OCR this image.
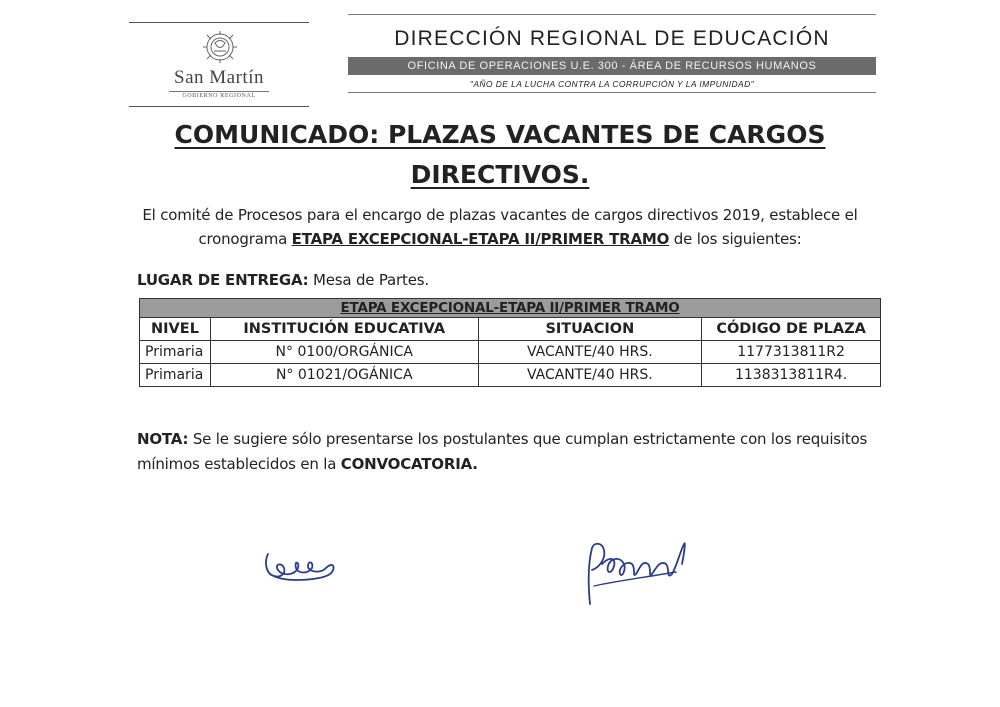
San Martín
GOBIERNO REGIONAL
DIRECCIÓN REGIONAL DE EDUCACIÓN
OFICINA DE OPERACIONES U.E. 300 - ÁREA DE RECURSOS HUMANOS
"AÑO DE LA LUCHA CONTRA LA CORRUPCIÓN Y LA IMPUNIDAD"
COMUNICADO: PLAZAS VACANTES DE CARGOS
DIRECTIVOS.
El comité de Procesos para el encargo de plazas vacantes de cargos directivos 2019, establece el cronograma ETAPA EXCEPCIONAL-ETAPA II/PRIMER TRAMO de los siguientes:
LUGAR DE ENTREGA: Mesa de Partes.
ETAPA EXCEPCIONAL-ETAPA II/PRIMER TRAMO			
NIVEL	INSTITUCIÓN EDUCATIVA	SITUACION	CÓDIGO DE PLAZA
Primaria	N° 0100/ORGÁNICA	VACANTE/40 HRS.	1177313811R2
Primaria	N° 01021/OGÁNICA	VACANTE/40 HRS.	1138313811R4.
NOTA: Se le sugiere sólo presentarse los postulantes que cumplan estrictamente con los requisitos mínimos establecidos en la CONVOCATORIA.
